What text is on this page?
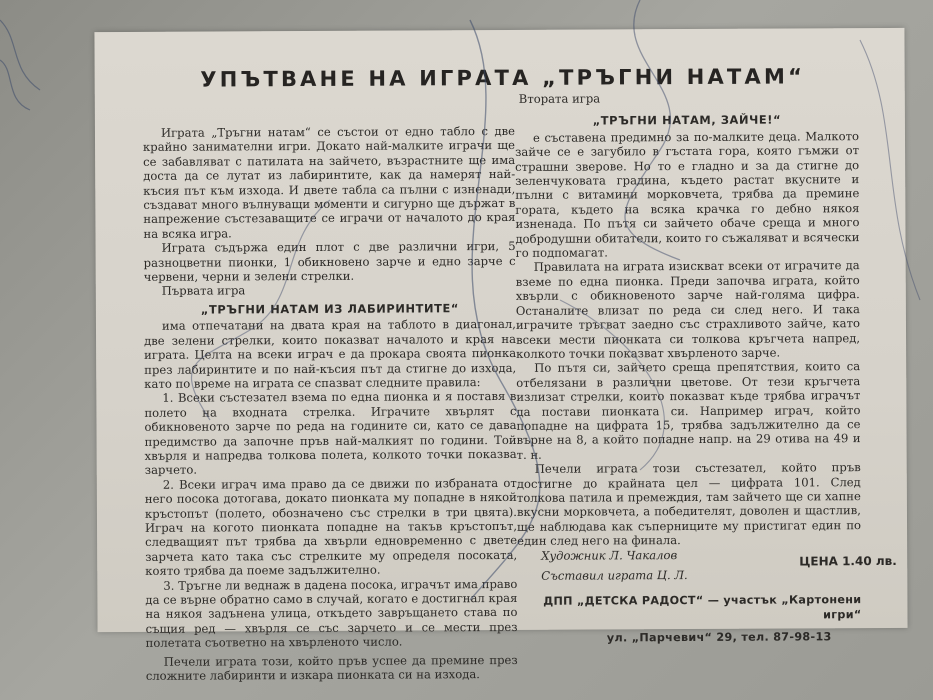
УПЪТВАНЕ НА ИГРАТА „ТРЪГНИ НАТАМ“

Играта „Тръгни натам“ се състои от едно табло с две крайно занимателни игри. Докато най-малките играчи ще се забавляват с патилата на зайчето, възрастните ще има доста да се лутат из лабиринтите, как да намерят най-късия път към изхода. И двете табла са пълни с изненади, създават много вълнуващи моменти и сигурно ще държат в напрежение състезаващите се играчи от началото до края на всяка игра.

Играта съдържа един плот с две различни игри, 5 разноцветни пионки, 1 обикновено зарче и едно зарче с червени, черни и зелени стрелки.

Първата игра

„ТРЪГНИ НАТАМ ИЗ ЛАБИРИНТИТЕ“

има отпечатани на двата края на таблото в диагонал, две зелени стрелки, които показват началото и края на играта. Целта на всеки играч е да прокара своята пионка през лабиринтите и по най-късия път да стигне до изхода, като по време на играта се спазват следните правила:

1. Всеки състезател взема по една пионка и я поставя в полето на входната стрелка. Играчите хвърлят с обикновеното зарче по реда на годините си, като се дава предимство да започне пръв най-малкият по години. Той хвърля и напредва толкова полета, колкото точки показва зарчето.

2. Всеки играч има право да се движи по избраната от него посока дотогава, докато пионката му попадне в някой кръстопът (полето, обозначено със стрелки в три цвята). Играч на когото пионката попадне на такъв кръстопът, следващият път трябва да хвърли едновременно с двете зарчета като така със стрелките му определя посоката, която трябва да поеме задължително.

3. Тръгне ли веднаж в дадена посока, играчът има право да се върне обратно само в случай, когато е достигнал края на някоя задънена улица, откъдето завръщането става по същия ред — хвърля се със зарчето и се мести през полетата съответно на хвърленото число.

Печели играта този, който пръв успее да премине през сложните лабиринти и изкара пионката си на изхода.

Втората игра

„ТРЪГНИ НАТАМ, ЗАЙЧЕ!“

е съставена предимно за по-малките деца. Малкото зайче се е загубило в гъстата гора, която гъмжи от страшни зверове. Но то е гладно и за да стигне до зеленчуковата градина, където растат вкусните и пълни с витамини морковчета, трябва да премине гората, където на всяка крачка го дебно някоя изненада. По пътя си зайчето обаче среща и много добродушни обитатели, които го съжаляват и всячески го подпомагат.

Правилата на играта изискват всеки от играчите да вземе по една пионка. Преди започва играта, който хвърли с обикновеното зарче най-голяма цифра. Останалите влизат по реда си след него. И така играчите тръгват заедно със страхливото зайче, като всеки мести пионката си толкова кръгчета напред, колкото точки показват хвърленото зарче.

По пътя си, зайчето среща препятствия, които са отбелязани в различни цветове. От тези кръгчета излизат стрелки, които показват къде трябва играчът да постави пионката си. Например играч, който попадне на цифрата 15, трябва задължително да се върне на 8, а който попадне напр. на 29 отива на 49 и т. н.

Печели играта този състезател, който пръв достигне до крайната цел — цифрата 101. След толкова патила и премеждия, там зайчето ще си хапне вкусни морковчета, а победителят, доволен и щастлив, ще наблюдава как съперниците му пристигат един по един след него на финала.

Художник Л. Чакалов

Съставил играта Ц. Л.

ДПП „ДЕТСКА РАДОСТ“ — участък „Картонени игри“

ул. „Парчевич“ 29, тел. 87-98-13

ЦЕНА 1.40 лв.
